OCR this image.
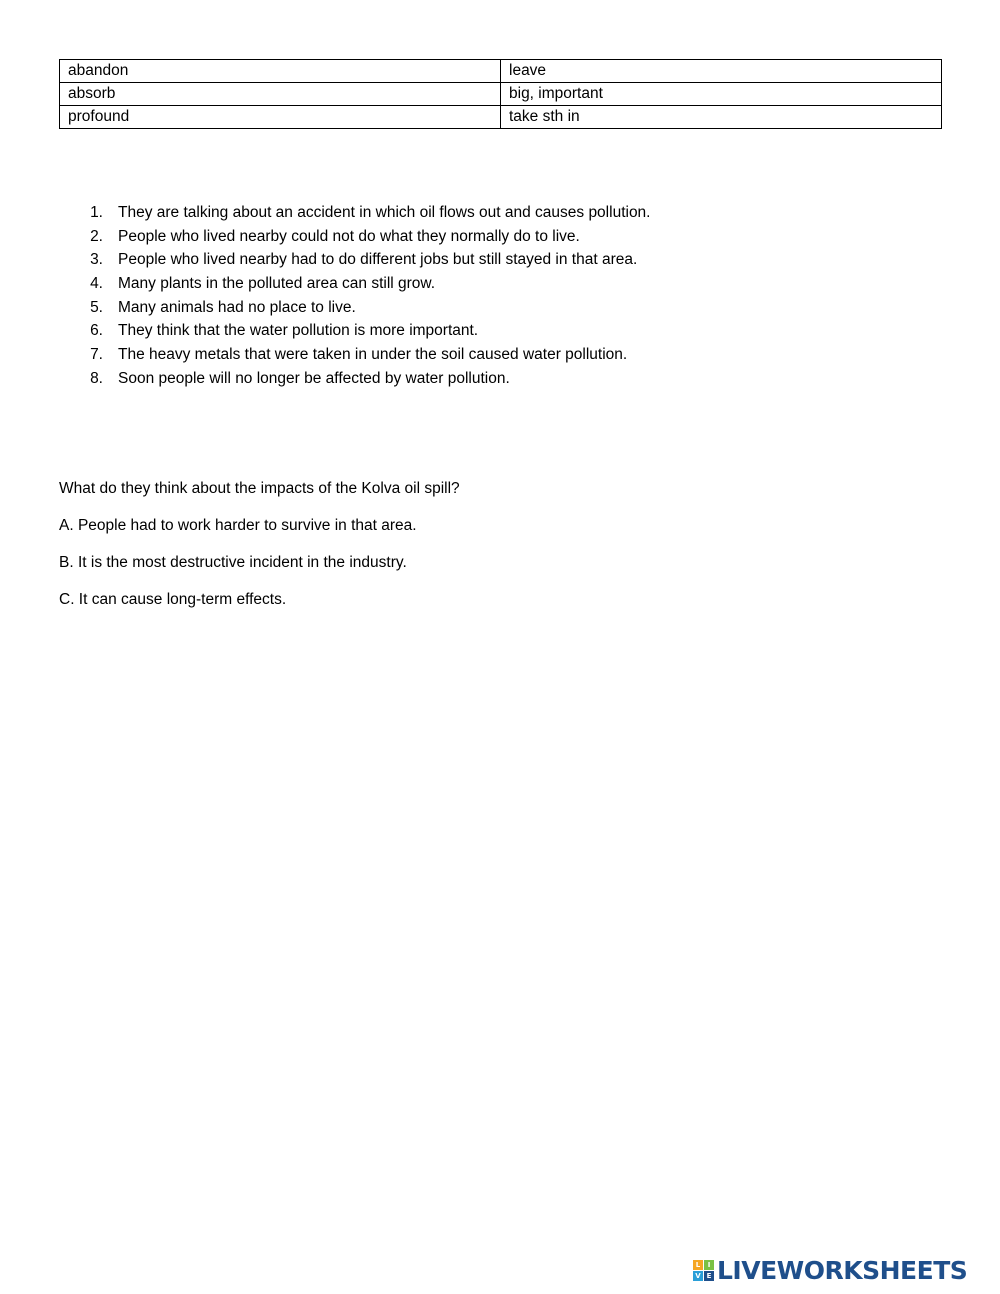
abandon	leave
absorb	big, important
profound	take sth in
1. They are talking about an accident in which oil flows out and causes pollution.
2. People who lived nearby could not do what they normally do to live.
3. People who lived nearby had to do different jobs but still stayed in that area.
4. Many plants in the polluted area can still grow.
5. Many animals had no place to live.
6. They think that the water pollution is more important.
7. The heavy metals that were taken in under the soil caused water pollution.
8. Soon people will no longer be affected by water pollution.

What do they think about the impacts of the Kolva oil spill?

A. People had to work harder to survive in that area.

B. It is the most destructive incident in the industry.

C. It can cause long-term effects.

L	I
V E LIVEWORKSHEETS
